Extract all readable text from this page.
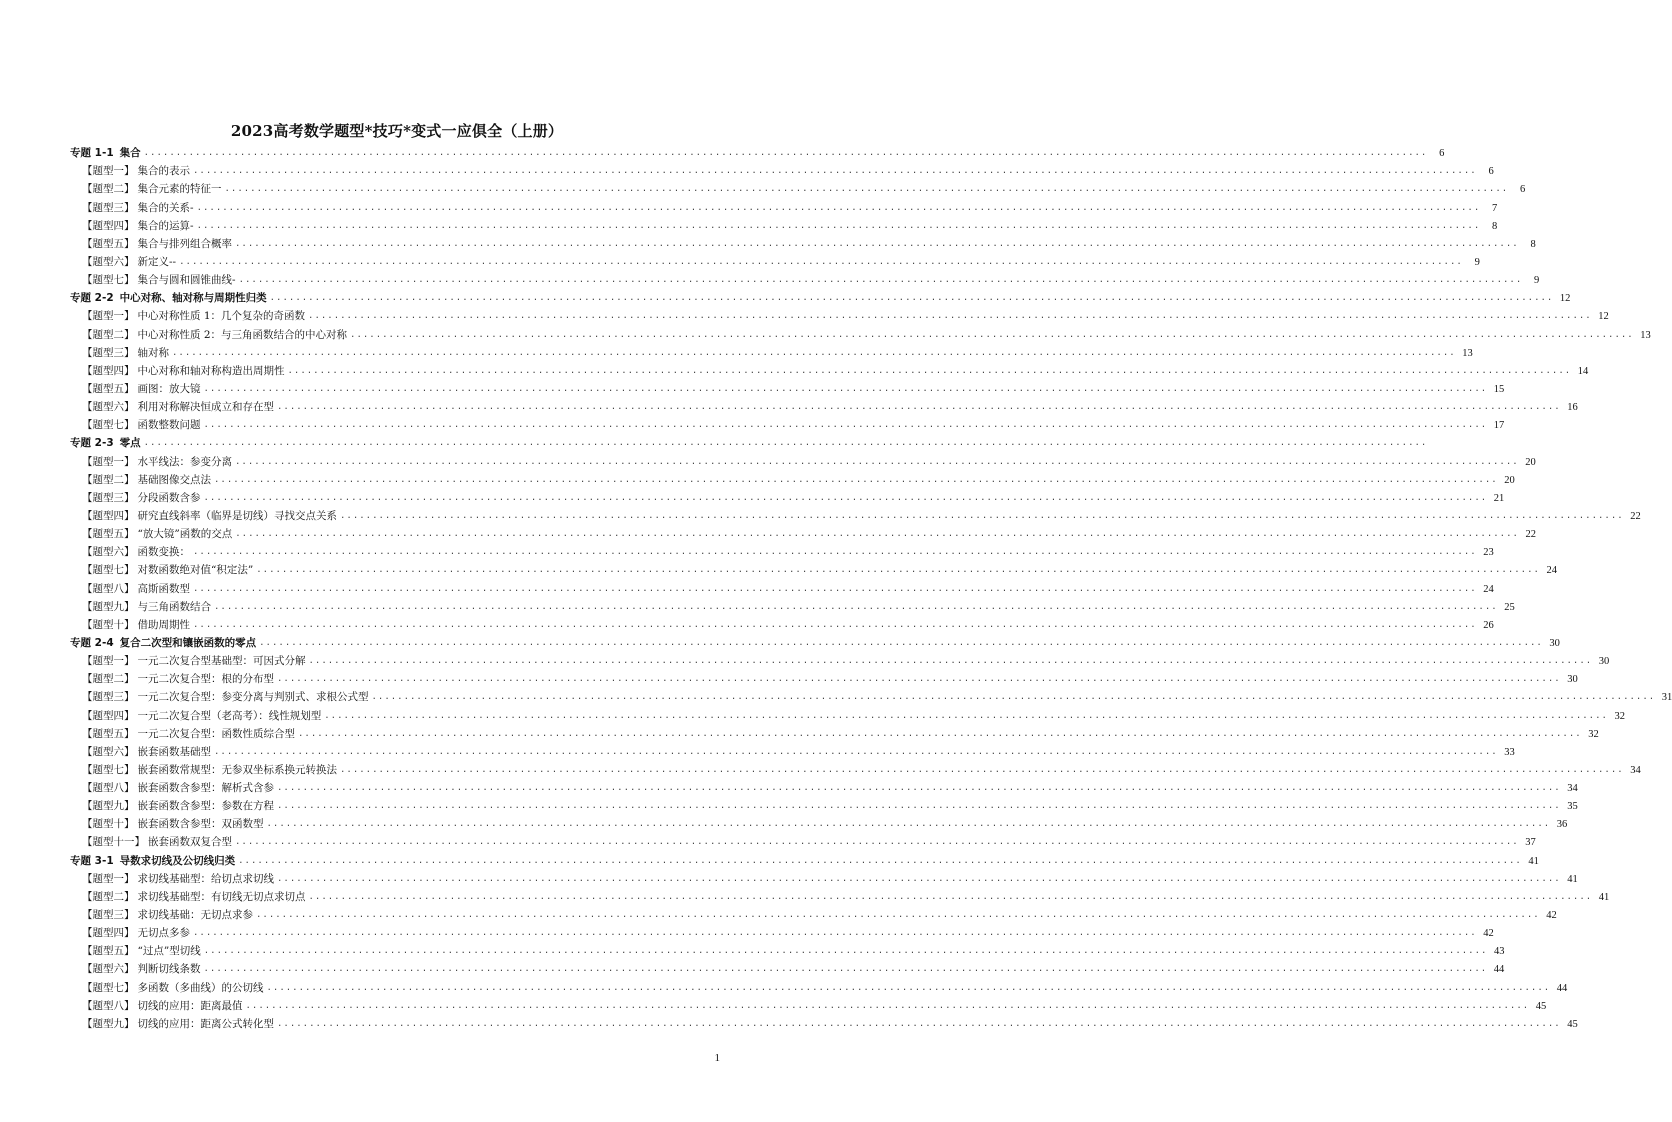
2023高考数学题型*技巧*变式一应俱全（上册）
专题 1-1 集合 ........................................................................................................................................................................................................	6
【题型一】 集合的表示 ........................................................................................................................................................................................................	6
【题型二】 集合元素的特征一 ........................................................................................................................................................................................................	6
【题型三】 集合的关系- ........................................................................................................................................................................................................	7
【题型四】 集合的运算- ........................................................................................................................................................................................................	8
【题型五】 集合与排列组合概率 ........................................................................................................................................................................................................	8
【题型六】 新定义-- ........................................................................................................................................................................................................	9
【题型七】 集合与圆和圆锥曲线- ........................................................................................................................................................................................................	9
专题 2-2 中心对称、轴对称与周期性归类 ........................................................................................................................................................................................................ 12
【题型一】 中心对称性质 1：几个复杂的奇函数 ........................................................................................................................................................................................................ 12
【题型二】 中心对称性质 2：与三角函数结合的中心对称 ........................................................................................................................................................................................................ 13
【题型三】 轴对称 ........................................................................................................................................................................................................ 13
【题型四】 中心对称和轴对称构造出周期性 ........................................................................................................................................................................................................ 14
【题型五】 画图：放大镜 ........................................................................................................................................................................................................ 15
【题型六】 利用对称解决恒成立和存在型 ........................................................................................................................................................................................................ 16
【题型七】 函数整数问题 ........................................................................................................................................................................................................ 17
专题 2-3 零点 ........................................................................................................................................................................................................
【题型一】 水平线法：参变分离 ........................................................................................................................................................................................................ 20
【题型二】 基础图像交点法 ........................................................................................................................................................................................................ 20
【题型三】 分段函数含参 ........................................................................................................................................................................................................ 21
【题型四】 研究直线斜率（临界是切线）寻找交点关系 ........................................................................................................................................................................................................ 22
【题型五】 “放大镜”函数的交点 ........................................................................................................................................................................................................ 22
【题型六】 函数变换： ........................................................................................................................................................................................................ 23
【题型七】 对数函数绝对值“积定法” ........................................................................................................................................................................................................ 24
【题型八】 高斯函数型 ........................................................................................................................................................................................................ 24
【题型九】 与三角函数结合 ........................................................................................................................................................................................................ 25
【题型十】 借助周期性 ........................................................................................................................................................................................................ 26
专题 2-4 复合二次型和镶嵌函数的零点 ........................................................................................................................................................................................................ 30
【题型一】 一元二次复合型基础型：可因式分解 ........................................................................................................................................................................................................ 30
【题型二】 一元二次复合型：根的分布型 ........................................................................................................................................................................................................ 30
【题型三】 一元二次复合型：参变分离与判别式、求根公式型 ........................................................................................................................................................................................................ 31
【题型四】 一元二次复合型（老高考）：线性规划型 ........................................................................................................................................................................................................ 32
【题型五】 一元二次复合型：函数性质综合型 ........................................................................................................................................................................................................ 32
【题型六】 嵌套函数基础型 ........................................................................................................................................................................................................ 33
【题型七】 嵌套函数常规型：无参双坐标系换元转换法 ........................................................................................................................................................................................................ 34
【题型八】 嵌套函数含参型：解析式含参 ........................................................................................................................................................................................................ 34
【题型九】 嵌套函数含参型：参数在方程 ........................................................................................................................................................................................................ 35
【题型十】 嵌套函数含参型：双函数型 ........................................................................................................................................................................................................ 36
【题型十一】 嵌套函数双复合型 ........................................................................................................................................................................................................ 37
专题 3-1 导数求切线及公切线归类 ........................................................................................................................................................................................................ 41
【题型一】 求切线基础型：给切点求切线 ........................................................................................................................................................................................................ 41
【题型二】 求切线基础型：有切线无切点求切点 ........................................................................................................................................................................................................ 41
【题型三】 求切线基础：无切点求参 ........................................................................................................................................................................................................ 42
【题型四】 无切点多参 ........................................................................................................................................................................................................ 42
【题型五】 “过点”型切线 ........................................................................................................................................................................................................ 43
【题型六】 判断切线条数 ........................................................................................................................................................................................................ 44
【题型七】 多函数（多曲线）的公切线 ........................................................................................................................................................................................................ 44
【题型八】 切线的应用：距离最值 ........................................................................................................................................................................................................ 45
【题型九】 切线的应用：距离公式转化型 ........................................................................................................................................................................................................ 45
1
